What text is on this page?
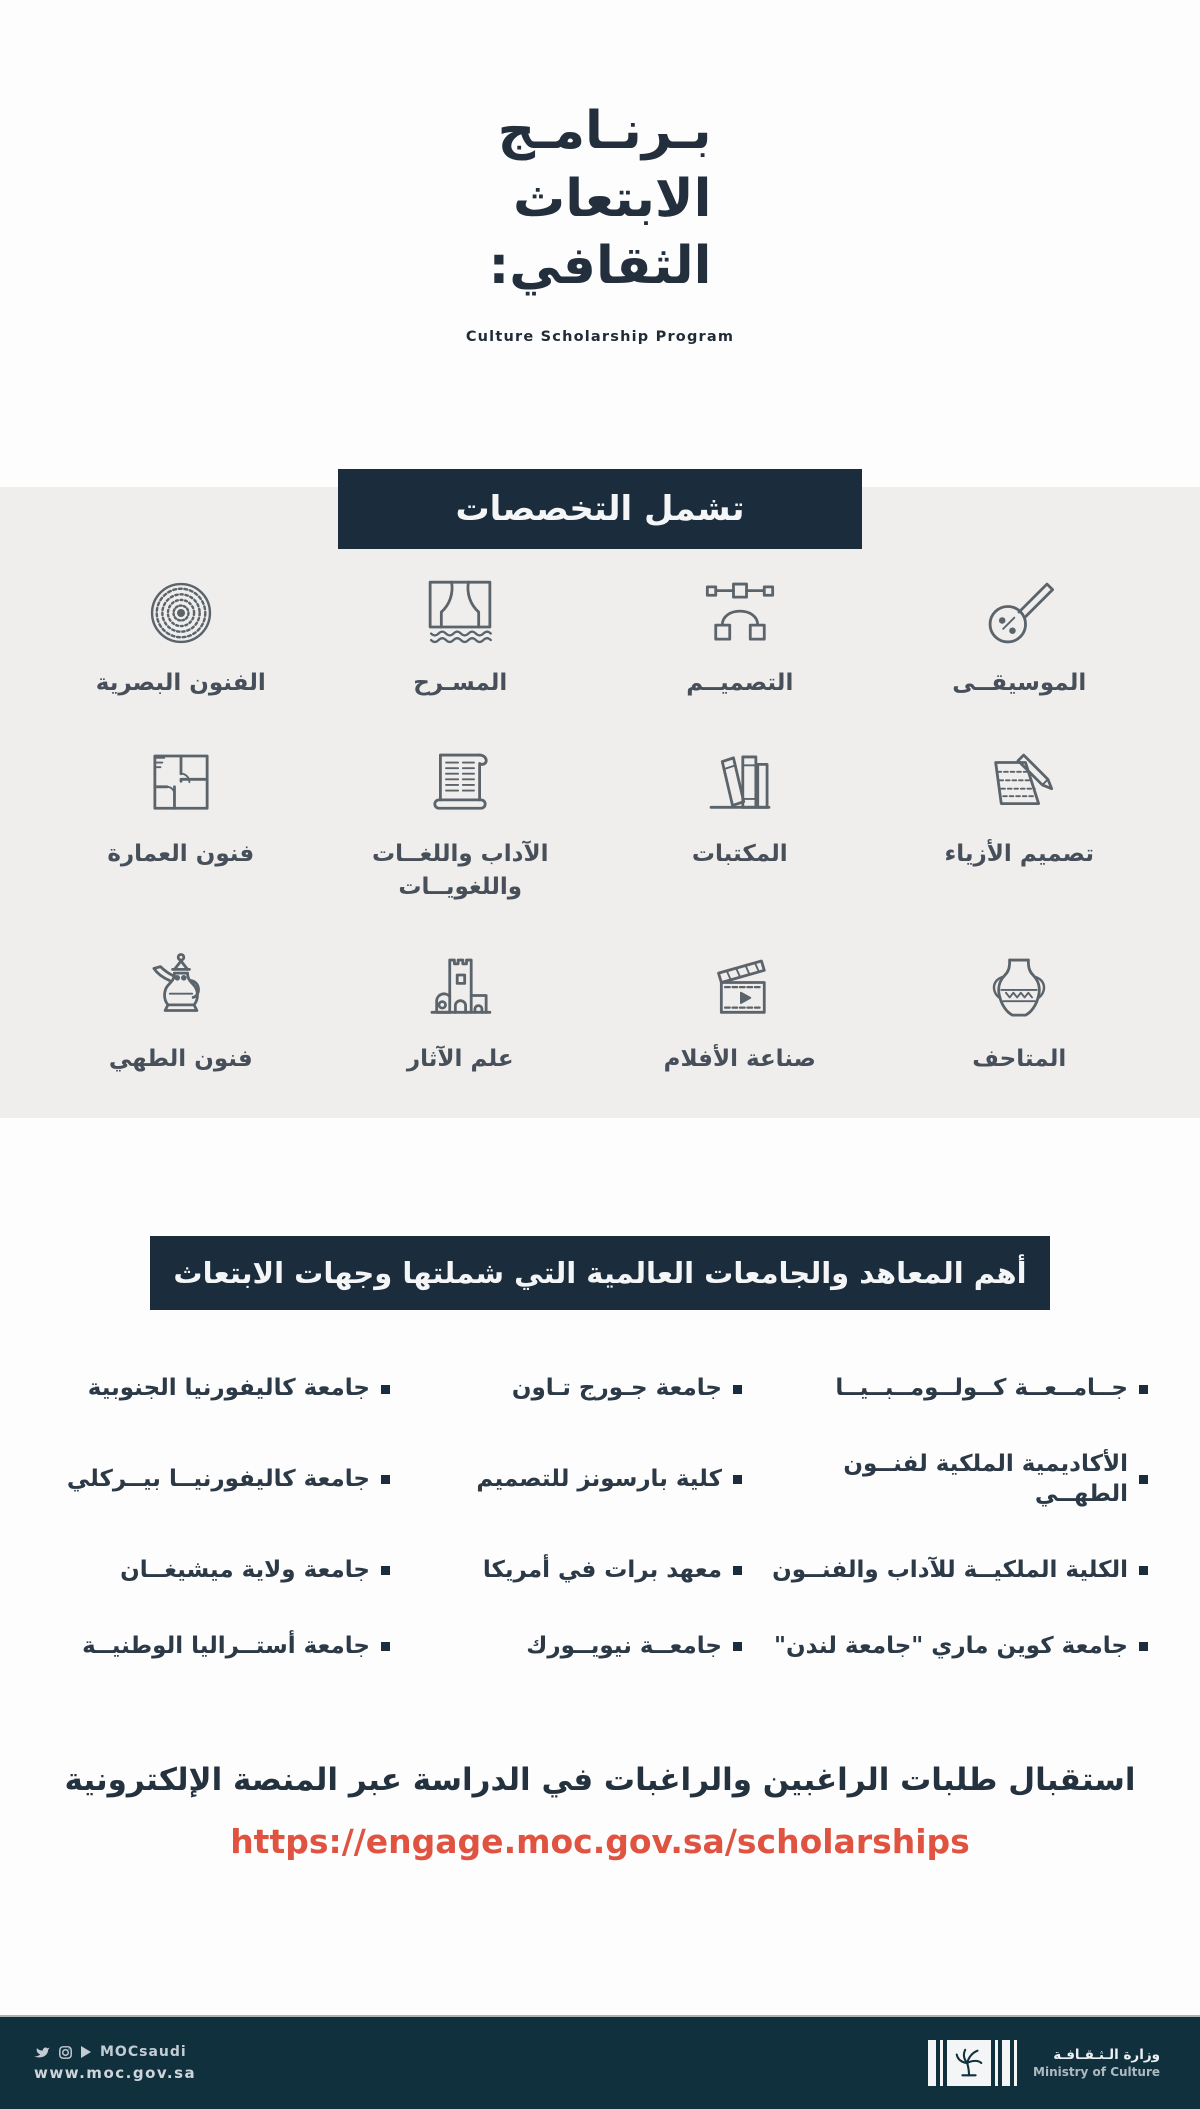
بـرنـامـج
الابتعاث
الثقافي:
Culture Scholarship Program
تشمل التخصصات
الموسيقــى
التصميــم
المسـرح
الفنون البصرية
تصميم الأزياء
المكتبات
الآداب واللغــات واللغويــات
فنون العمارة
المتاحف
صناعة الأفلام
علم الآثار
فنون الطهي
أهم المعاهد والجامعات العالمية التي شملتها وجهات الابتعاث
جــامــعــة كــولــومــبــيــا
جامعة جـورج تـاون
جامعة كاليفورنيا الجنوبية
الأكاديمية الملكية لفنــون الطهــي
كلية بارسونز للتصميم
جامعة كاليفورنيــا بيــركلي
الكلية الملكيــة للآداب والفنــون
معهد برات في أمريكا
جامعة ولاية ميشيغــان
جامعة كوين ماري "جامعة لندن"
جامعــة نيويــورك
جامعة أستــراليا الوطنيــة
استقبال طلبات الراغبين والراغبات في الدراسة عبر المنصة الإلكترونية
https://engage.moc.gov.sa/scholarships
MOCsaudi
www.moc.gov.sa
وزارة الـثـقـافـة
Ministry of Culture
